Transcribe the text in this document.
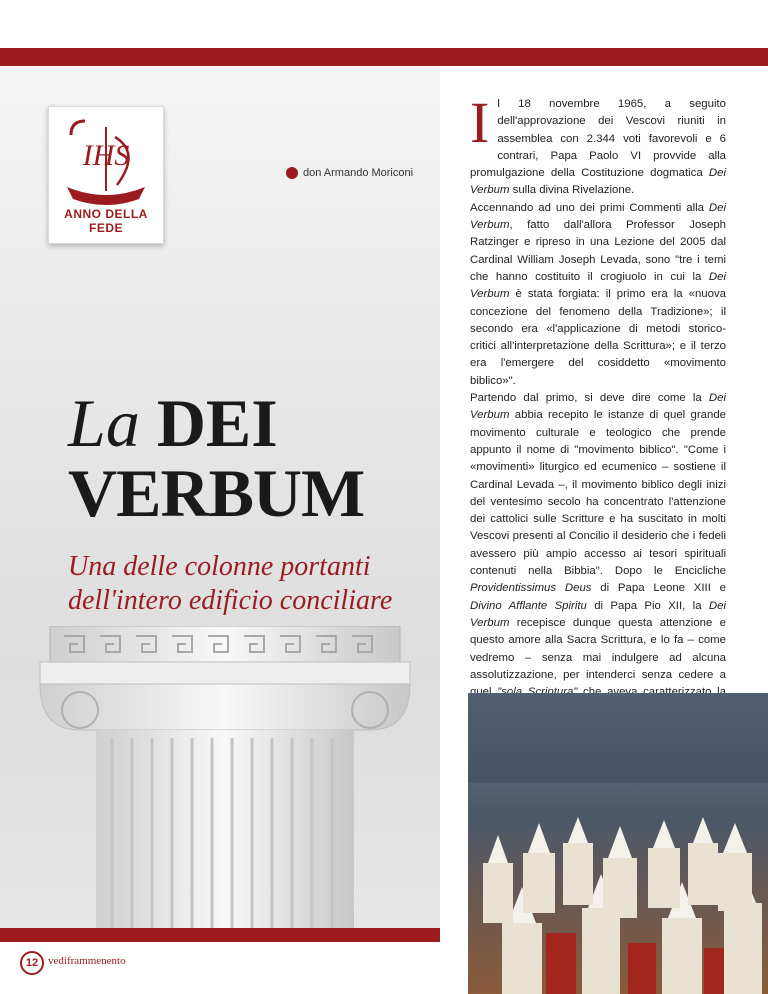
IHS
ANNO DELLA FEDE
don Armando Moriconi
La DEI
VERBUM
Una delle colonne portanti dell'intero edificio conciliare
12 vediframmenento

Il 18 novembre 1965, a seguito dell'approvazione dei Vescovi riuniti in assemblea con 2.344 voti favorevoli e 6 contrari, Papa Paolo VI provvide alla promulgazione della Costituzione dogmatica Dei Verbum sulla divina Rivelazione.

Accennando ad uno dei primi Commenti alla Dei Verbum, fatto dall'allora Professor Joseph Ratzinger e ripreso in una Lezione del 2005 dal Cardinal William Joseph Levada, sono "tre i temi che hanno costituito il crogiuolo in cui la Dei Verbum è stata forgiata: il primo era la «nuova concezione del fenomeno della Tradizione»; il secondo era «l'applicazione di metodi storico-critici all'interpretazione della Scrittura»; e il terzo era l'emergere del cosiddetto «movimento biblico»".

Partendo dal primo, si deve dire come la Dei Verbum abbia recepito le istanze di quel grande movimento culturale e teologico che prende appunto il nome di "movimento biblico". "Come i «movimenti» liturgico ed ecumenico – sostiene il Cardinal Levada –, il movimento biblico degli inizi del ventesimo secolo ha concentrato l'attenzione dei cattolici sulle Scritture e ha suscitato in molti Vescovi presenti al Concilio il desiderio che i fedeli avessero più ampio accesso ai tesori spirituali contenuti nella Bibbia". Dopo le Encicliche Providentissimus Deus di Papa Leone XIII e Divino Afflante Spiritu di Papa Pio XII, la Dei Verbum recepisce dunque questa attenzione e questo amore alla Sacra Scrittura, e lo fa – come vedremo – senza mai indulgere ad alcuna assolutizzazione, per intenderci senza cedere a
